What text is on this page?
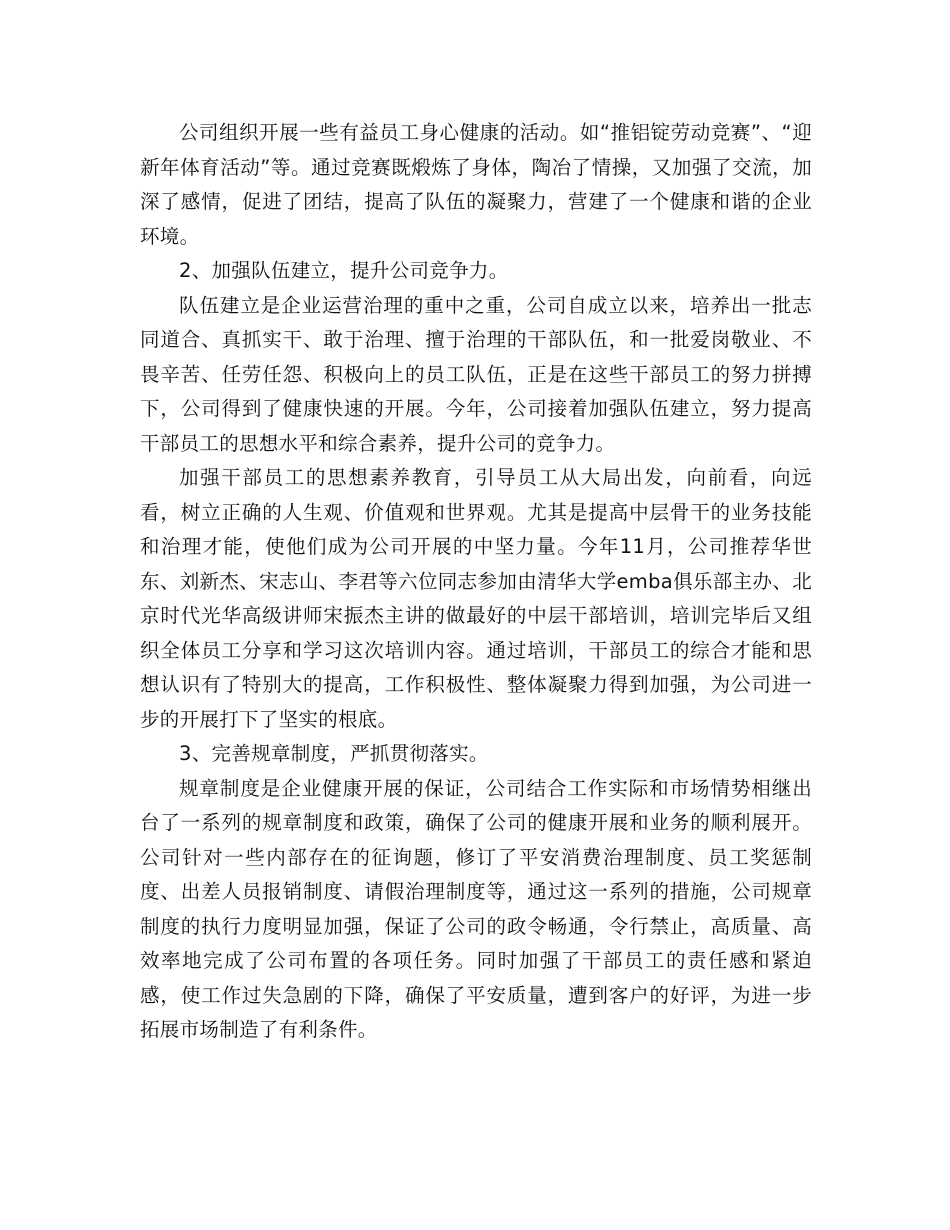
公司组织开展一些有益员工身心健康的活动。如“推铝锭劳动竞赛”、“迎新年体育活动”等。通过竞赛既煅炼了身体，陶冶了情操，又加强了交流，加深了感情，促进了团结，提高了队伍的凝聚力，营建了一个健康和谐的企业环境。

2、加强队伍建立，提升公司竞争力。

队伍建立是企业运营治理的重中之重，公司自成立以来，培养出一批志同道合、真抓实干、敢于治理、擅于治理的干部队伍，和一批爱岗敬业、不畏辛苦、任劳任怨、积极向上的员工队伍，正是在这些干部员工的努力拼搏下，公司得到了健康快速的开展。今年，公司接着加强队伍建立，努力提高干部员工的思想水平和综合素养，提升公司的竞争力。

加强干部员工的思想素养教育，引导员工从大局出发，向前看，向远看，树立正确的人生观、价值观和世界观。尤其是提高中层骨干的业务技能和治理才能，使他们成为公司开展的中坚力量。今年11月，公司推荐华世东、刘新杰、宋志山、李君等六位同志参加由清华大学emba俱乐部主办、北京时代光华高级讲师宋振杰主讲的做最好的中层干部培训，培训完毕后又组织全体员工分享和学习这次培训内容。通过培训，干部员工的综合才能和思想认识有了特别大的提高，工作积极性、整体凝聚力得到加强，为公司进一步的开展打下了坚实的根底。

3、完善规章制度，严抓贯彻落实。

规章制度是企业健康开展的保证，公司结合工作实际和市场情势相继出台了一系列的规章制度和政策，确保了公司的健康开展和业务的顺利展开。公司针对一些内部存在的征询题，修订了平安消费治理制度、员工奖惩制度、出差人员报销制度、请假治理制度等，通过这一系列的措施，公司规章制度的执行力度明显加强，保证了公司的政令畅通，令行禁止，高质量、高效率地完成了公司布置的各项任务。同时加强了干部员工的责任感和紧迫感，使工作过失急剧的下降，确保了平安质量，遭到客户的好评，为进一步拓展市场制造了有利条件。
